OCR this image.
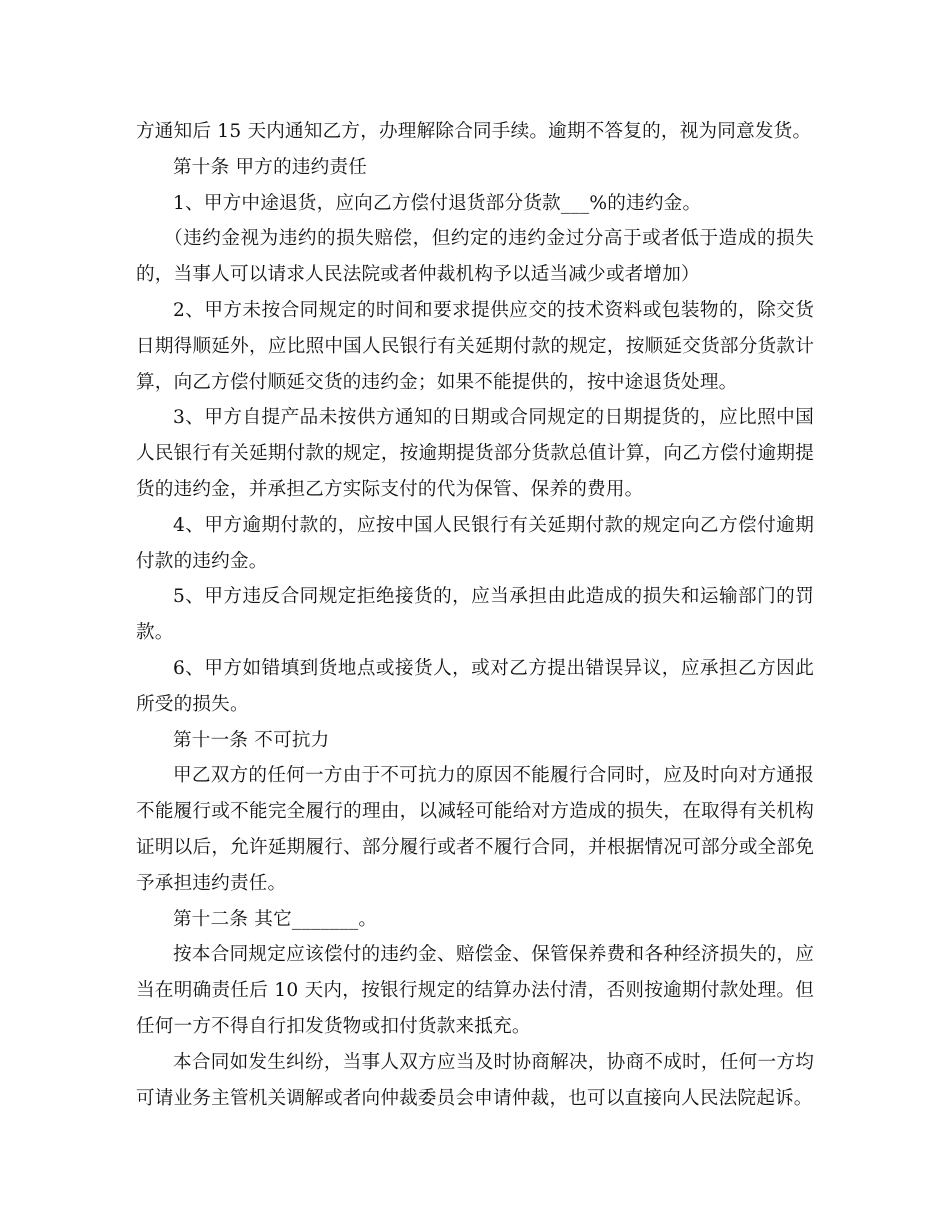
方通知后 15 天内通知乙方，办理解除合同手续。逾期不答复的，视为同意发货。

第十条 甲方的违约责任

1、甲方中途退货，应向乙方偿付退货部分货款___%的违约金。

（违约金视为违约的损失赔偿，但约定的违约金过分高于或者低于造成的损失的，当事人可以请求人民法院或者仲裁机构予以适当减少或者增加）

2、甲方未按合同规定的时间和要求提供应交的技术资料或包装物的，除交货日期得顺延外，应比照中国人民银行有关延期付款的规定，按顺延交货部分货款计算，向乙方偿付顺延交货的违约金；如果不能提供的，按中途退货处理。

3、甲方自提产品未按供方通知的日期或合同规定的日期提货的，应比照中国人民银行有关延期付款的规定，按逾期提货部分货款总值计算，向乙方偿付逾期提货的违约金，并承担乙方实际支付的代为保管、保养的费用。

4、甲方逾期付款的，应按中国人民银行有关延期付款的规定向乙方偿付逾期付款的违约金。

5、甲方违反合同规定拒绝接货的，应当承担由此造成的损失和运输部门的罚款。

6、甲方如错填到货地点或接货人，或对乙方提出错误异议，应承担乙方因此所受的损失。

第十一条 不可抗力

甲乙双方的任何一方由于不可抗力的原因不能履行合同时，应及时向对方通报不能履行或不能完全履行的理由，以减轻可能给对方造成的损失，在取得有关机构证明以后，允许延期履行、部分履行或者不履行合同，并根据情况可部分或全部免予承担违约责任。

第十二条 其它_______。

按本合同规定应该偿付的违约金、赔偿金、保管保养费和各种经济损失的，应当在明确责任后 10 天内，按银行规定的结算办法付清，否则按逾期付款处理。但任何一方不得自行扣发货物或扣付货款来抵充。

本合同如发生纠纷，当事人双方应当及时协商解决，协商不成时，任何一方均可请业务主管机关调解或者向仲裁委员会申请仲裁，也可以直接向人民法院起诉。
